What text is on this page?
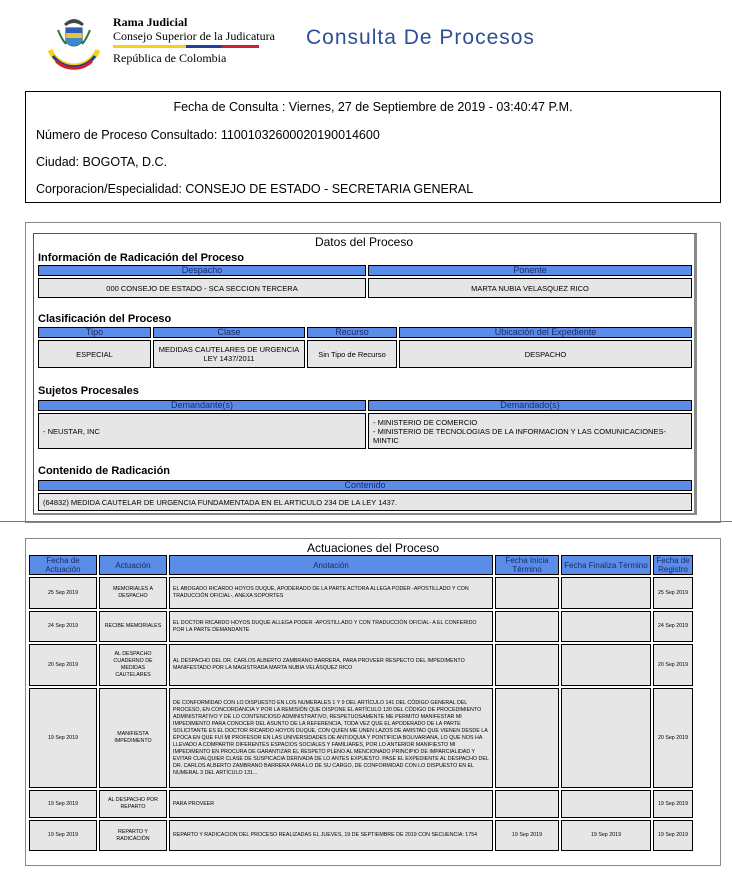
Rama Judicial
Consejo Superior de la Judicatura
República de Colombia
Consulta De Procesos
Fecha de Consulta : Viernes, 27 de Septiembre de 2019 - 03:40:47 P.M.
Número de Proceso Consultado: 11001032600020190014600
Ciudad: BOGOTA, D.C.
Corporacion/Especialidad: CONSEJO DE ESTADO - SECRETARIA GENERAL
Datos del Proceso
Información de Radicación del Proceso
Despacho	Ponente
000 CONSEJO DE ESTADO - SCA SECCION TERCERA	MARTA NUBIA VELASQUEZ RICO
Clasificación del Proceso
Tipo	Clase	Recurso	Ubicación del Expediente
ESPECIAL	MEDIDAS CAUTELARES DE URGENCIA LEY 1437/2011	Sin Tipo de Recurso	DESPACHO
Sujetos Procesales
Demandante(s)	Demandado(s)
- NEUSTAR, INC	- MINISTERIO DE COMERCIO
- MINISTERIO DE TECNOLOGIAS DE LA INFORMACION Y LAS COMUNICACIONES-MINTIC
Contenido de Radicación
Contenido
(64832) MEDIDA CAUTELAR DE URGENCIA FUNDAMENTADA EN EL ARTICULO 234 DE LA LEY 1437.
Actuaciones del Proceso
Fecha de Actuación	Actuación	Anotación	Fecha Inicia Término	Fecha Finaliza Término	Fecha de Registro
25 Sep 2019	MEMORIALES A DESPACHO	EL ABOGADO RICARDO HOYOS DUQUE, APODERADO DE LA PARTE ACTORA ALLEGA PODER -APOSTILLADO Y CON TRADUCCIÓN OFICIAL-, ANEXA SOPORTES			25 Sep 2019
24 Sep 2019	RECIBE MEMORIALES	EL DOCTOR RICARDO HOYOS DUQUE ALLEGA PODER -APOSTILLADO Y CON TRADUCCIÓN OFICIAL- A EL CONFERIDO POR LA PARTE DEMANDANTE			24 Sep 2019
20 Sep 2019	AL DESPACHO CUADERNO DE MEDIDAS CAUTELARES	AL DESPACHO DEL DR. CARLOS ALBERTO ZAMBRANO BARRERA, PARA PROVEER RESPECTO DEL IMPEDIMENTO MANIFESTADO POR LA MAGISTRADA MARTA NUBIA VELÁSQUEZ RICO			20 Sep 2019
19 Sep 2019	MANIFIESTA IMPEDIMENTO	DE CONFORMIDAD CON LO DISPUESTO EN LOS NUMERALES 1 Y 9 DEL ARTÍCULO 141 DEL CÓDIGO GENERAL DEL PROCESO, EN CONCORDANCIA Y POR LA REMISIÓN QUE DISPONE EL ARTÍCULO 130 DEL CÓDIGO DE PROCEDIMIENTO ADMINISTRATIVO Y DE LO CONTENCIOSO ADMINISTRATIVO, RESPETUOSAMENTE ME PERMITO MANIFESTAR MI IMPEDIMENTO PARA CONOCER DEL ASUNTO DE LA REFERENCIA, TODA VEZ QUE EL APODERADO DE LA PARTE SOLICITANTE ES EL DOCTOR RICARDO HOYOS DUQUE, CON QUIEN ME UNEN LAZOS DE AMISTAD QUE VIENEN DESDE LA ÉPOCA EN QUE FUI MI PROFESOR EN LAS UNIVERSIDADES DE ANTIOQUIA Y PONTIFICIA BOLIVARIANA, LO QUE NOS HA LLEVADO A COMPARTIR DIFERENTES ESPACIOS SOCIALES Y FAMILIARES, POR LO ANTERIOR MANIFIESTO MI IMPEDIMENTO EN PROCURA DE GARANTIZAR EL RESPETO PLENO AL MENCIONADO PRINCIPIO DE IMPARCIALIDAD Y EVITAR CUALQUIER CLASE DE SUSPICACIA DERIVADA DE LO ANTES EXPUESTO. PASE EL EXPEDIENTE AL DESPACHO DEL DR. CARLOS ALBERTO ZAMBRANO BARRERA PARA LO DE SU CARGO, DE CONFORMIDAD CON LO DISPUESTO EN EL NUMERAL 3 DEL ARTÍCULO 131...			20 Sep 2019
19 Sep 2019	AL DESPACHO POR REPARTO	PARA PROVEER			19 Sep 2019
19 Sep 2019	REPARTO Y RADICACIÓN	REPARTO Y RADICACION DEL PROCESO REALIZADAS EL JUEVES, 19 DE SEPTIEMBRE DE 2019 CON SECUENCIA: 1754	19 Sep 2019	19 Sep 2019	19 Sep 2019
